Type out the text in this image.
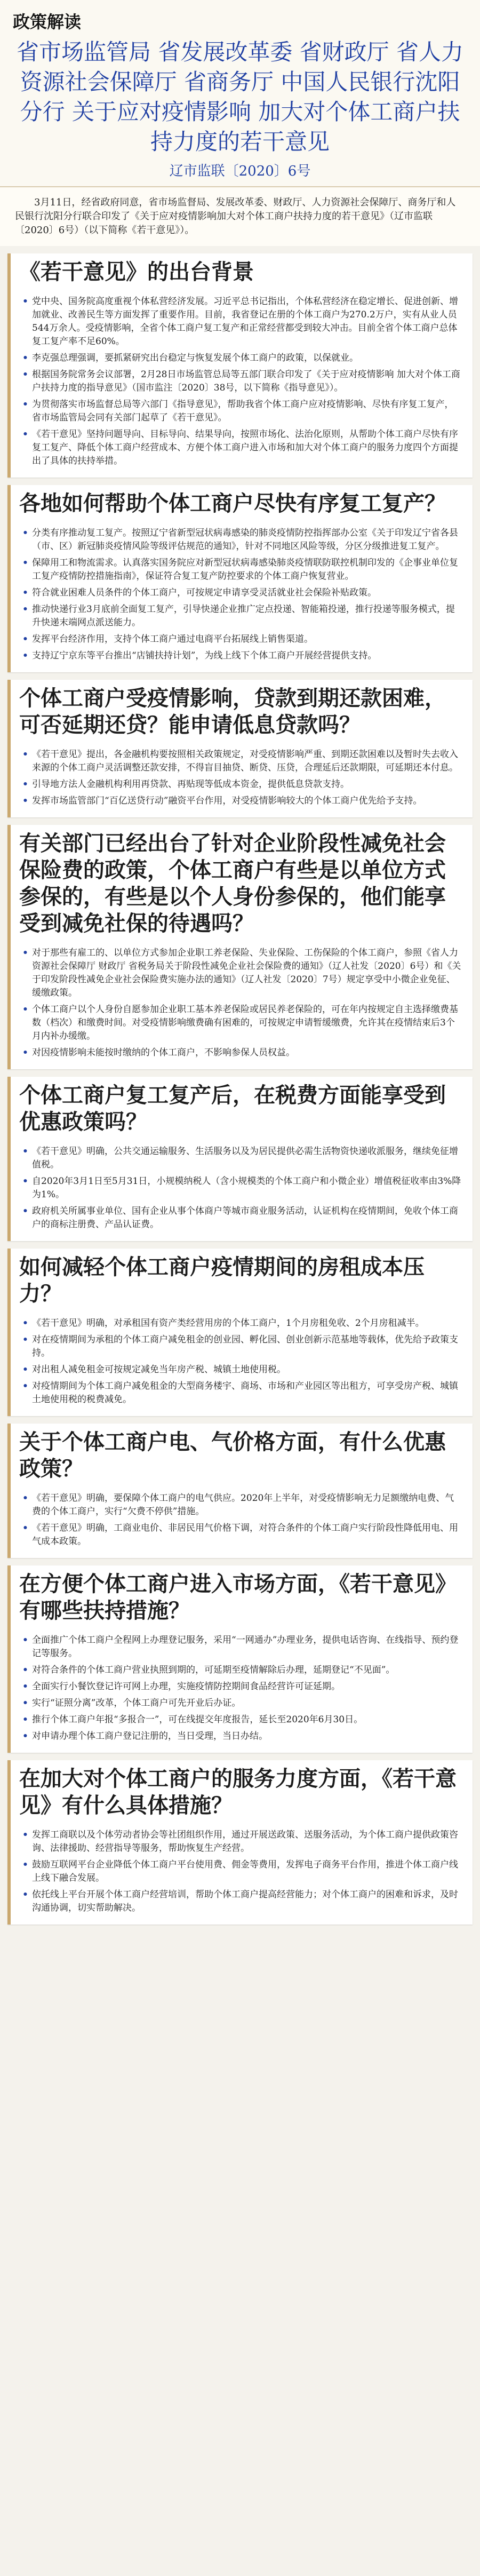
政策解读
省市场监管局 省发展改革委 省财政厅 省人力资源社会保障厅 省商务厅 中国人民银行沈阳分行 关于应对疫情影响 加大对个体工商户扶持力度的若干意见
辽市监联〔2020〕6号
3月11日，经省政府同意，省市场监督局、发展改革委、财政厅、人力资源社会保障厅、商务厅和人民银行沈阳分行联合印发了《关于应对疫情影响加大对个体工商户扶持力度的若干意见》（辽市监联〔2020〕6号）（以下简称《若干意见》）。
《若干意见》的出台背景
• 党中央、国务院高度重视个体私营经济发展。习近平总书记指出，个体私营经济在稳定增长、促进创新、增加就业、改善民生等方面发挥了重要作用。目前，我省登记在册的个体工商户为270.2万户，实有从业人员544万余人。受疫情影响，全省个体工商户复工复产和正常经营都受到较大冲击。目前全省个体工商户总体复工复产率不足60%。
• 李克强总理强调，要抓紧研究出台稳定与恢复发展个体工商户的政策，以保就业。
• 根据国务院常务会议部署，2月28日市场监管总局等五部门联合印发了《关于应对疫情影响 加大对个体工商户扶持力度的指导意见》（国市监注〔2020〕38号，以下简称《指导意见》）。
• 为贯彻落实市场监督总局等六部门《指导意见》，帮助我省个体工商户应对疫情影响、尽快有序复工复产，省市场监管局会同有关部门起草了《若干意见》。
• 《若干意见》坚持问题导向、目标导向、结果导向，按照市场化、法治化原则，从帮助个体工商户尽快有序复工复产、降低个体工商户经营成本、方便个体工商户进入市场和加大对个体工商户的服务力度四个方面提出了具体的扶持举措。
各地如何帮助个体工商户尽快有序复工复产？
• 分类有序推动复工复产。按照辽宁省新型冠状病毒感染的肺炎疫情防控指挥部办公室《关于印发辽宁省各县（市、区）新冠肺炎疫情风险等级评估规范的通知》，针对不同地区风险等级，分区分级推进复工复产。
• 保障用工和物流需求。认真落实国务院应对新型冠状病毒感染肺炎疫情联防联控机制印发的《企事业单位复工复产疫情防控措施指南》，保证符合复工复产防控要求的个体工商户恢复营业。
• 符合就业困难人员条件的个体工商户，可按规定申请享受灵活就业社会保险补贴政策。
• 推动快递行业3月底前全面复工复产，引导快递企业推广定点投递、智能箱投递，推行投递等服务模式，提升快递末端网点派送能力。
• 发挥平台经济作用，支持个体工商户通过电商平台拓展线上销售渠道。
• 支持辽宁京东等平台推出“店铺扶持计划”，为线上线下个体工商户开展经营提供支持。
个体工商户受疫情影响，贷款到期还款困难，可否延期还贷？能申请低息贷款吗？
• 《若干意见》提出，各金融机构要按照相关政策规定，对受疫情影响严重、到期还款困难以及暂时失去收入来源的个体工商户灵活调整还款安排，不得盲目抽贷、断贷、压贷，合理延后还款期限，可延期还本付息。
• 引导地方法人金融机构利用再贷款、再贴现等低成本资金，提供低息贷款支持。
• 发挥市场监管部门“百亿送贷行动”融资平台作用，对受疫情影响较大的个体工商户优先给予支持。
有关部门已经出台了针对企业阶段性减免社会保险费的政策，个体工商户有些是以单位方式参保的，有些是以个人身份参保的，他们能享受到减免社保的待遇吗？
• 对于那些有雇工的、以单位方式参加企业职工养老保险、失业保险、工伤保险的个体工商户，参照《省人力资源社会保障厅 财政厅 省税务局关于阶段性减免企业社会保险费的通知》（辽人社发〔2020〕6号）和《关于印发阶段性减免企业社会保险费实施办法的通知》（辽人社发〔2020〕7号）规定享受中小微企业免征、缓缴政策。
• 个体工商户以个人身份自愿参加企业职工基本养老保险或居民养老保险的，可在年内按规定自主选择缴费基数（档次）和缴费时间。对受疫情影响缴费确有困难的，可按规定申请暂缓缴费，允许其在疫情结束后3个月内补办缓缴。
• 对因疫情影响未能按时缴纳的个体工商户，不影响参保人员权益。
个体工商户复工复产后，在税费方面能享受到优惠政策吗？
• 《若干意见》明确，公共交通运输服务、生活服务以及为居民提供必需生活物资快递收派服务，继续免征增值税。
• 自2020年3月1日至5月31日，小规模纳税人（含小规模类的个体工商户和小微企业）增值税征收率由3%降为1%。
• 政府机关所属事业单位、国有企业从事个体商户等城市商业服务活动，认证机构在疫情期间，免收个体工商户的商标注册费、产品认证费。
如何减轻个体工商户疫情期间的房租成本压力？
• 《若干意见》明确，对承租国有资产类经营用房的个体工商户，1个月房租免收、2个月房租减半。
• 对在疫情期间为承租的个体工商户减免租金的创业园、孵化园、创业创新示范基地等载体，优先给予政策支持。
• 对出租人减免租金可按规定减免当年房产税、城镇土地使用税。
• 对疫情期间为个体工商户减免租金的大型商务楼宇、商场、市场和产业园区等出租方，可享受房产税、城镇土地使用税的税费减免。
关于个体工商户电、气价格方面，有什么优惠政策？
• 《若干意见》明确，要保障个体工商户的电气供应。2020年上半年，对受疫情影响无力足额缴纳电费、气费的个体工商户，实行“欠费不停供”措施。
• 《若干意见》明确，工商业电价、非居民用气价格下调，对符合条件的个体工商户实行阶段性降低用电、用气成本政策。
在方便个体工商户进入市场方面，《若干意见》有哪些扶持措施？
• 全面推广个体工商户全程网上办理登记服务，采用“一网通办”办理业务，提供电话咨询、在线指导、预约登记等服务。
• 对符合条件的个体工商户营业执照到期的，可延期至疫情解除后办理，延期登记“不见面”。
• 全面实行小餐饮登记许可网上办理，实施疫情防控期间食品经营许可证延期。
• 实行“证照分离”改革，个体工商户可先开业后办证。
• 推行个体工商户年报“多报合一”，可在线提交年度报告，延长至2020年6月30日。
• 对申请办理个体工商户登记注册的，当日受理，当日办结。
在加大对个体工商户的服务力度方面，《若干意见》有什么具体措施？
• 发挥工商联以及个体劳动者协会等社团组织作用，通过开展送政策、送服务活动，为个体工商户提供政策咨询、法律援助、经营指导等服务，帮助恢复生产经营。
• 鼓励互联网平台企业降低个体工商户平台使用费、佣金等费用，发挥电子商务平台作用，推进个体工商户线上线下融合发展。
• 依托线上平台开展个体工商户经营培训，帮助个体工商户提高经营能力；对个体工商户的困难和诉求，及时沟通协调，切实帮助解决。
